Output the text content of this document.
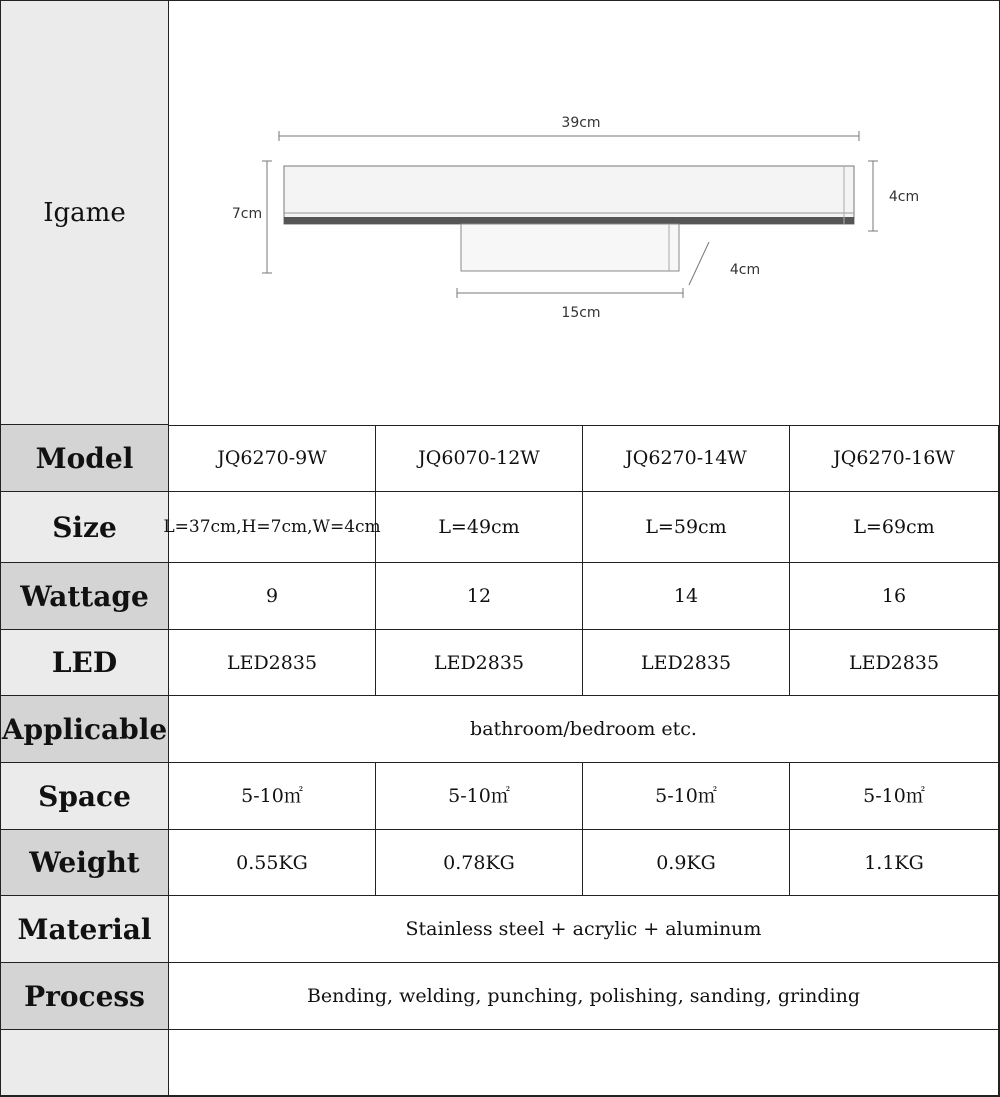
Igame
39cm
7cm
4cm
4cm
15cm
Model	JQ6270-9W	JQ6070-12W	JQ6270-14W	JQ6270-16W
Size	L=37cm,H=7cm,W=4cm	L=49cm	L=59cm	L=69cm
Wattage	9	12	14	16
LED	LED2835	LED2835	LED2835	LED2835
Applicable	bathroom/bedroom etc.
Space	5-10㎡	5-10㎡	5-10㎡	5-10㎡
Weight	0.55KG	0.78KG	0.9KG	1.1KG
Material	Stainless steel + acrylic + aluminum
Process	Bending, welding, punching, polishing, sanding, grinding
